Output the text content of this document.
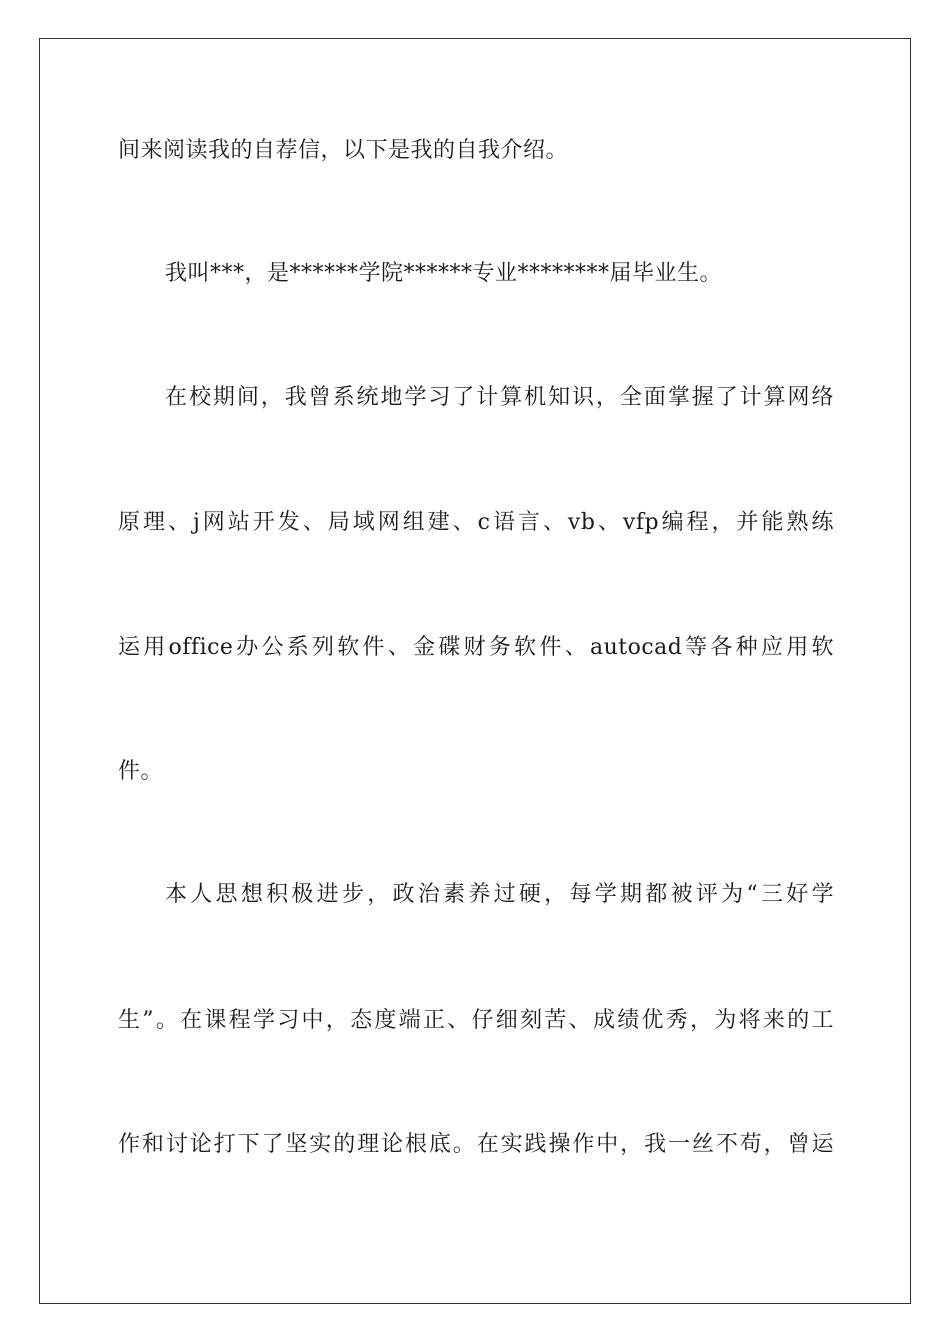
间来阅读我的自荐信，以下是我的自我介绍。
我叫***，是******学院******专业********届毕业生。
在校期间，我曾系统地学习了计算机知识，全面掌握了计算网络
原理、j网站开发、局域网组建、c语言、vb、vfp编程，并能熟练
运用office办公系列软件、金碟财务软件、autocad等各种应用软
件。
本人思想积极进步，政治素养过硬，每学期都被评为“三好学
生”。在课程学习中，态度端正、仔细刻苦、成绩优秀，为将来的工
作和讨论打下了坚实的理论根底。在实践操作中，我一丝不苟，曾运
